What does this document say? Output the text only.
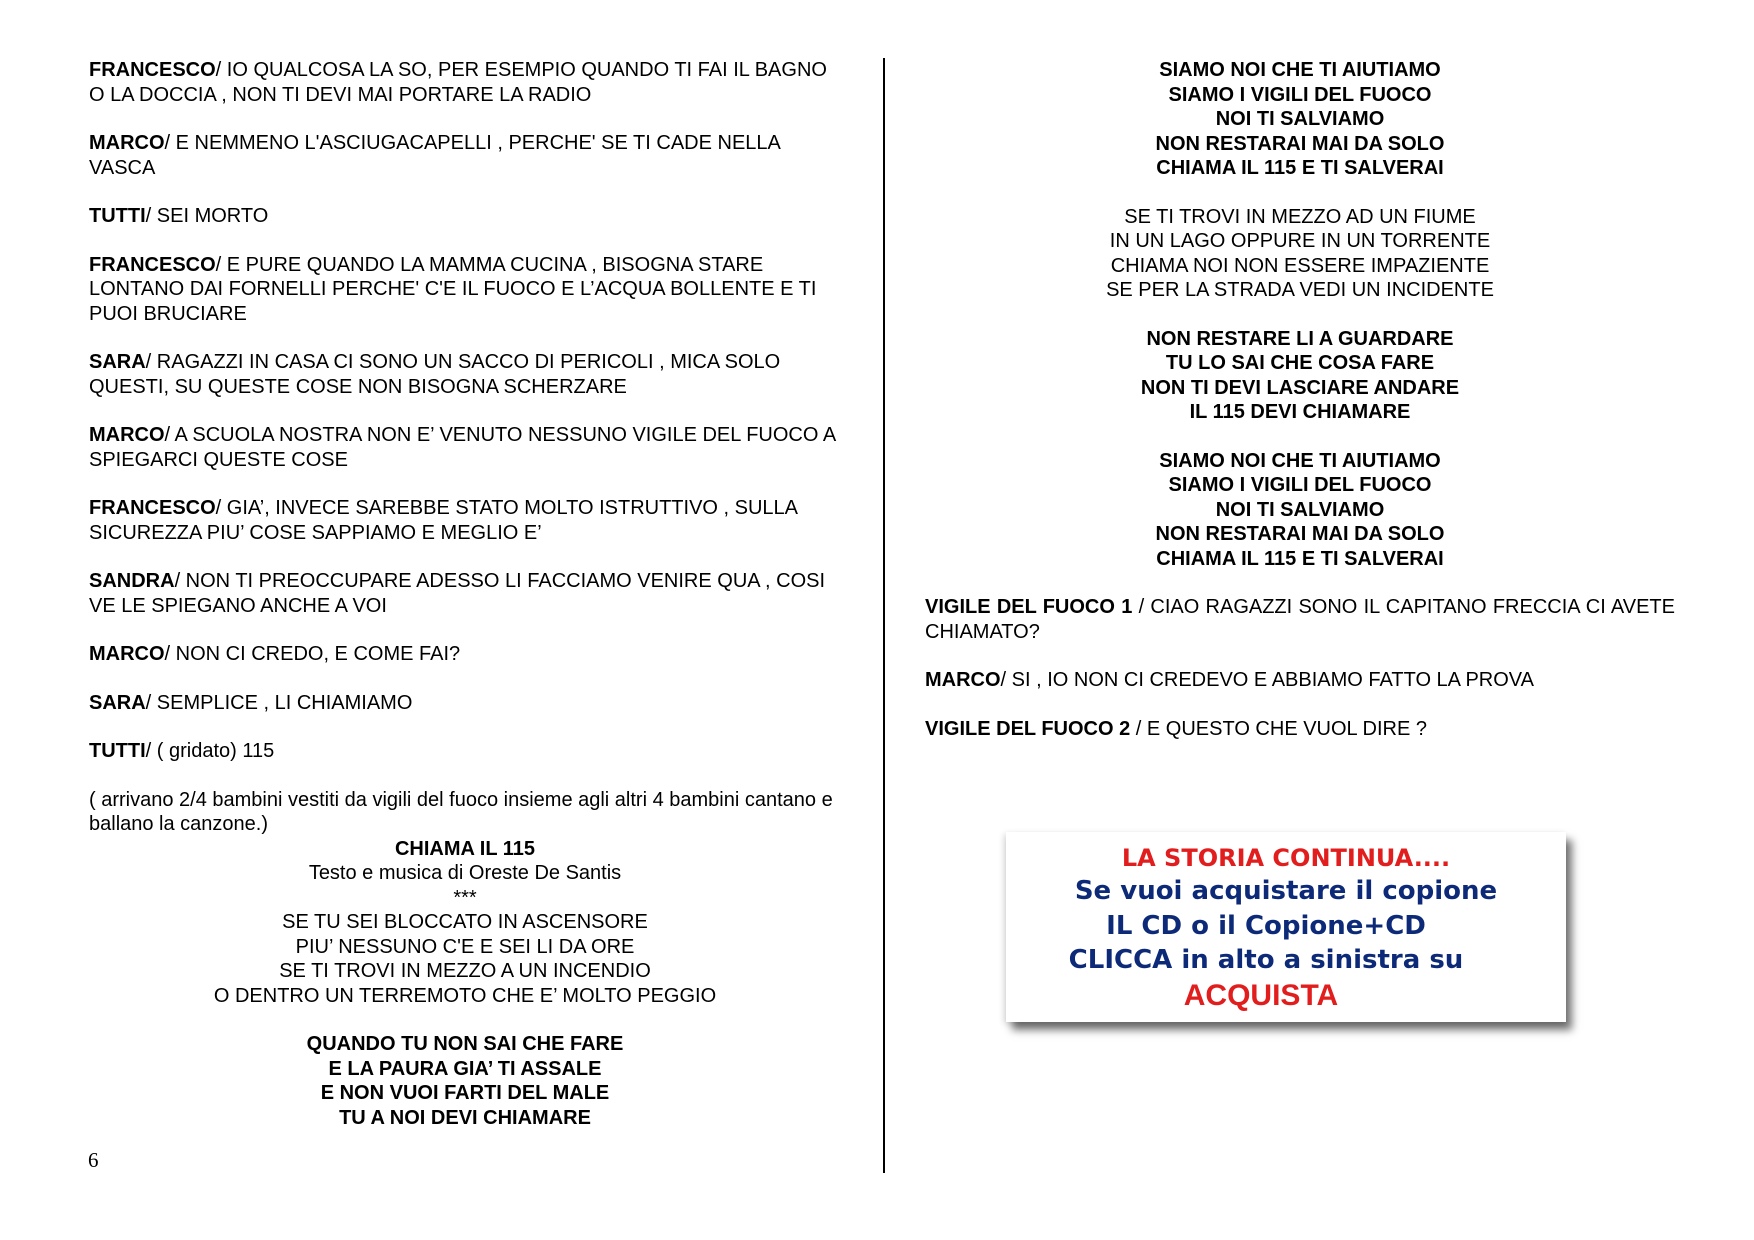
FRANCESCO/ IO QUALCOSA LA SO, PER ESEMPIO QUANDO TI FAI IL BAGNO O LA DOCCIA , NON TI DEVI MAI PORTARE LA RADIO

MARCO/ E NEMMENO L'ASCIUGACAPELLI , PERCHE' SE TI CADE NELLA VASCA

TUTTI/ SEI MORTO

FRANCESCO/ E PURE QUANDO LA MAMMA CUCINA , BISOGNA STARE LONTANO DAI FORNELLI PERCHE' C'E IL FUOCO E L’ACQUA BOLLENTE E TI PUOI BRUCIARE

SARA/ RAGAZZI IN CASA CI SONO UN SACCO DI PERICOLI , MICA SOLO QUESTI, SU QUESTE COSE NON BISOGNA SCHERZARE

MARCO/ A SCUOLA NOSTRA NON E’ VENUTO NESSUNO VIGILE DEL FUOCO A SPIEGARCI QUESTE COSE

FRANCESCO/ GIA’, INVECE SAREBBE STATO MOLTO ISTRUTTIVO , SULLA SICUREZZA PIU’ COSE SAPPIAMO E MEGLIO E’

SANDRA/ NON TI PREOCCUPARE ADESSO LI FACCIAMO VENIRE QUA , COSI VE LE SPIEGANO ANCHE A VOI

MARCO/ NON CI CREDO, E COME FAI?

SARA/ SEMPLICE , LI CHIAMIAMO

TUTTI/ ( gridato) 115

( arrivano 2/4 bambini vestiti da vigili del fuoco insieme agli altri 4 bambini cantano e ballano la canzone.)

CHIAMA IL 115
Testo e musica di Oreste De Santis
***
SE TU SEI BLOCCATO IN ASCENSORE
PIU’ NESSUNO C'E E SEI LI DA ORE
SE TI TROVI IN MEZZO A UN INCENDIO
O DENTRO UN TERREMOTO CHE E’ MOLTO PEGGIO
QUANDO TU NON SAI CHE FARE
E LA PAURA GIA’ TI ASSALE
E NON VUOI FARTI DEL MALE
TU A NOI DEVI CHIAMARE
SIAMO NOI CHE TI AIUTIAMO
SIAMO I VIGILI DEL FUOCO
NOI TI SALVIAMO
NON RESTARAI MAI DA SOLO
CHIAMA IL 115 E TI SALVERAI
SE TI TROVI IN MEZZO AD UN FIUME
IN UN LAGO OPPURE IN UN TORRENTE
CHIAMA NOI NON ESSERE IMPAZIENTE
SE PER LA STRADA VEDI UN INCIDENTE
NON RESTARE LI A GUARDARE
TU LO SAI CHE COSA FARE
NON TI DEVI LASCIARE ANDARE
IL 115 DEVI CHIAMARE
SIAMO NOI CHE TI AIUTIAMO
SIAMO I VIGILI DEL FUOCO
NOI TI SALVIAMO
NON RESTARAI MAI DA SOLO
CHIAMA IL 115 E TI SALVERAI

VIGILE DEL FUOCO 1 / CIAO RAGAZZI SONO IL CAPITANO FRECCIA CI AVETE CHIAMATO?

MARCO/ SI , IO NON CI CREDEVO E ABBIAMO FATTO LA PROVA

VIGILE DEL FUOCO 2 / E QUESTO CHE VUOL DIRE ?

LA STORIA CONTINUA....
Se vuoi acquistare il copione
IL CD o il Copione+CD
CLICCA in alto a sinistra su
ACQUISTA
6
